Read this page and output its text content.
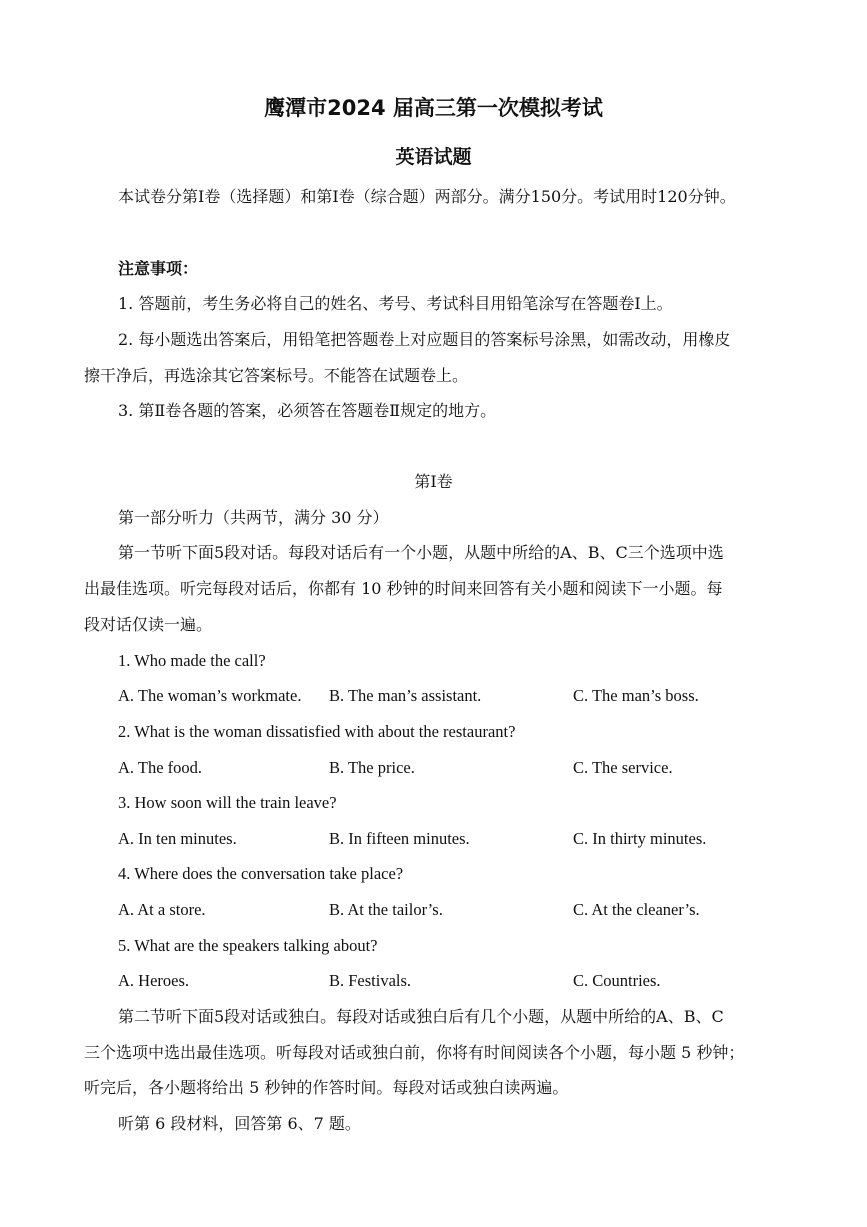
鹰潭市2024 届高三第一次模拟考试
英语试题
本试卷分第Ⅰ卷（选择题）和第Ⅰ卷（综合题）两部分。满分150分。考试用时120分钟。
注意事项：
1. 答题前，考生务必将自己的姓名、考号、考试科目用铅笔涂写在答题卷Ⅰ上。
2. 每小题选出答案后，用铅笔把答题卷上对应题目的答案标号涂黑，如需改动，用橡皮
擦干净后，再选涂其它答案标号。不能答在试题卷上。
3. 第Ⅱ卷各题的答案，必须答在答题卷Ⅱ规定的地方。
第Ⅰ卷
第一部分听力（共两节，满分 30 分）
第一节听下面5段对话。每段对话后有一个小题，从题中所给的A、B、C三个选项中选
出最佳选项。听完每段对话后，你都有 10 秒钟的时间来回答有关小题和阅读下一小题。每
段对话仅读一遍。
1. Who made the call?
A. The woman’s workmate. B. The man’s assistant.	C. The man’s boss.
2. What is the woman dissatisfied with about the restaurant?
A. The food.	B. The price.	C. The service.
3. How soon will the train leave?
A. In ten minutes.	B. In fifteen minutes.	C. In thirty minutes.
4. Where does the conversation take place?
A. At a store.	B. At the tailor’s.	C. At the cleaner’s.
5. What are the speakers talking about?
A. Heroes.	B. Festivals.	C. Countries.
第二节听下面5段对话或独白。每段对话或独白后有几个小题，从题中所给的A、B、C
三个选项中选出最佳选项。听每段对话或独白前，你将有时间阅读各个小题，每小题 5 秒钟；
听完后，各小题将给出 5 秒钟的作答时间。每段对话或独白读两遍。
听第 6 段材料，回答第 6、7 题。
